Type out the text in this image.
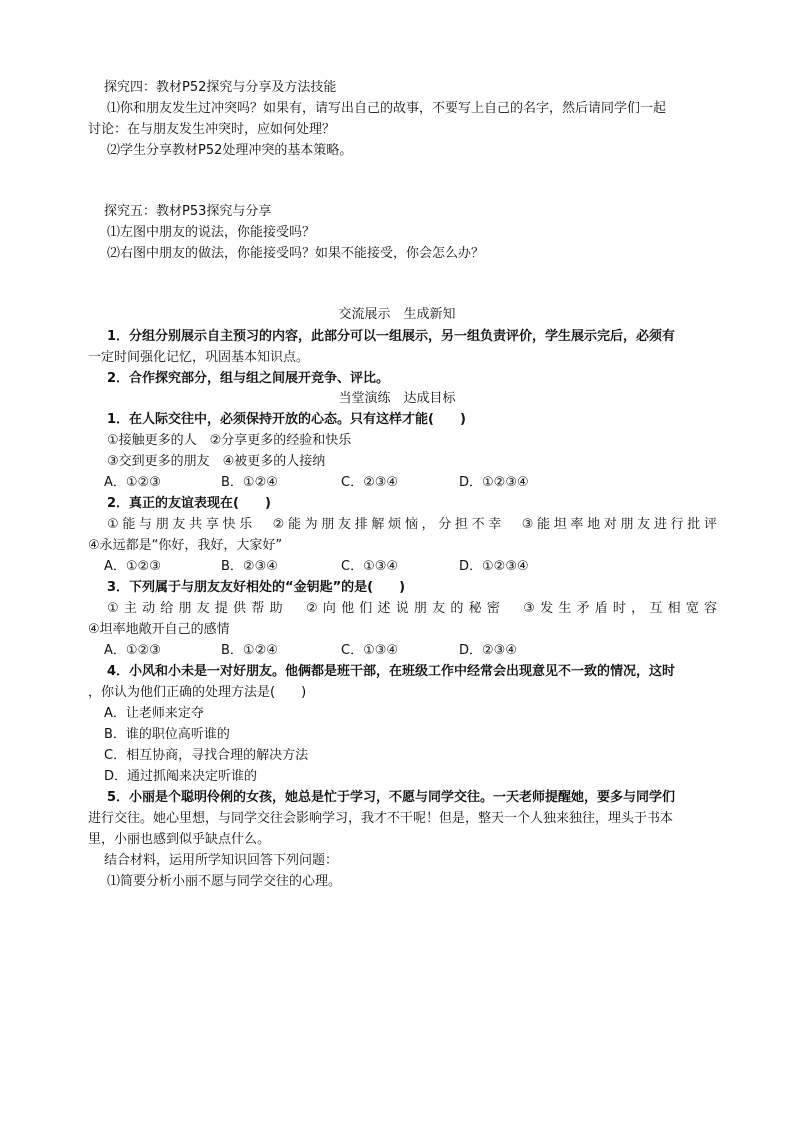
探究四：教材P52探究与分享及方法技能
⑴你和朋友发生过冲突吗？如果有，请写出自己的故事，不要写上自己的名字，然后请同学们一起
讨论：在与朋友发生冲突时，应如何处理？
⑵学生分享教材P52处理冲突的基本策略。
探究五：教材P53探究与分享
⑴左图中朋友的说法，你能接受吗？
⑵右图中朋友的做法，你能接受吗？如果不能接受，你会怎么办？
交流展示　生成新知
1．分组分别展示自主预习的内容，此部分可以一组展示，另一组负责评价，学生展示完后，必须有
一定时间强化记忆，巩固基本知识点。
2．合作探究部分，组与组之间展开竞争、评比。
当堂演练　达成目标
1．在人际交往中，必须保持开放的心态。只有这样才能(　　)
①接触更多的人　②分享更多的经验和快乐
③交到更多的朋友　④被更多的人接纳
A．①②③	B．①②④	C．②③④	D．①②③④
2．真正的友谊表现在(　　)
①能与朋友共享快乐　②能为朋友排解烦恼，分担不幸　③能坦率地对朋友进行批评
④永远都是“你好，我好，大家好”
A．①②③	B．②③④	C．①③④	D．①②③④
3．下列属于与朋友友好相处的“金钥匙”的是(　　)
①主动给朋友提供帮助　②向他们述说朋友的秘密　③发生矛盾时，互相宽容
④坦率地敞开自己的感情
A．①②③	B．①②④	C．①③④	D．②③④
4．小风和小未是一对好朋友。他俩都是班干部，在班级工作中经常会出现意见不一致的情况，这时
，你认为他们正确的处理方法是(　　)
A．让老师来定夺
B．谁的职位高听谁的
C．相互协商，寻找合理的解决方法
D．通过抓阄来决定听谁的
5．小丽是个聪明伶俐的女孩，她总是忙于学习，不愿与同学交往。一天老师提醒她，要多与同学们
进行交往。她心里想，与同学交往会影响学习，我才不干呢！但是，整天一个人独来独往，埋头于书本
里，小丽也感到似乎缺点什么。
结合材料，运用所学知识回答下列问题：
⑴简要分析小丽不愿与同学交往的心理。
